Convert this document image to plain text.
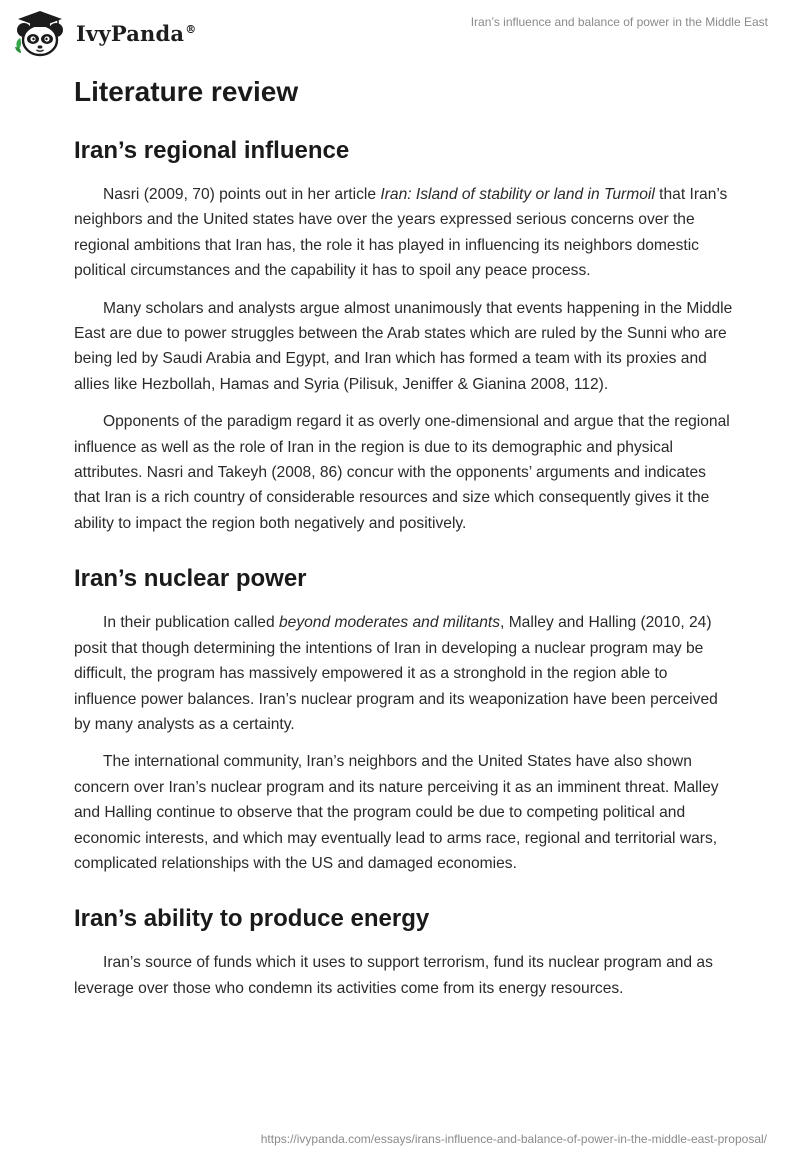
IvyPanda®	Iran’s influence and balance of power in the Middle East
Literature review
Iran’s regional influence

Nasri (2009, 70) points out in her article Iran: Island of stability or land in Turmoil that Iran’s neighbors and the United states have over the years expressed serious concerns over the regional ambitions that Iran has, the role it has played in influencing its neighbors domestic political circumstances and the capability it has to spoil any peace process.

Many scholars and analysts argue almost unanimously that events happening in the Middle East are due to power struggles between the Arab states which are ruled by the Sunni who are being led by Saudi Arabia and Egypt, and Iran which has formed a team with its proxies and allies like Hezbollah, Hamas and Syria (Pilisuk, Jeniffer & Gianina 2008, 112).

Opponents of the paradigm regard it as overly one-dimensional and argue that the regional influence as well as the role of Iran in the region is due to its demographic and physical attributes. Nasri and Takeyh (2008, 86) concur with the opponents’ arguments and indicates that Iran is a rich country of considerable resources and size which consequently gives it the ability to impact the region both negatively and positively.

Iran’s nuclear power

In their publication called beyond moderates and militants, Malley and Halling (2010, 24) posit that though determining the intentions of Iran in developing a nuclear program may be difficult, the program has massively empowered it as a stronghold in the region able to influence power balances. Iran’s nuclear program and its weaponization have been perceived by many analysts as a certainty.

The international community, Iran’s neighbors and the United States have also shown concern over Iran’s nuclear program and its nature perceiving it as an imminent threat. Malley and Halling continue to observe that the program could be due to competing political and economic interests, and which may eventually lead to arms race, regional and territorial wars, complicated relationships with the US and damaged economies.

Iran’s ability to produce energy

Iran’s source of funds which it uses to support terrorism, fund its nuclear program and as leverage over those who condemn its activities come from its energy resources.

https://ivypanda.com/essays/irans-influence-and-balance-of-power-in-the-middle-east-proposal/
